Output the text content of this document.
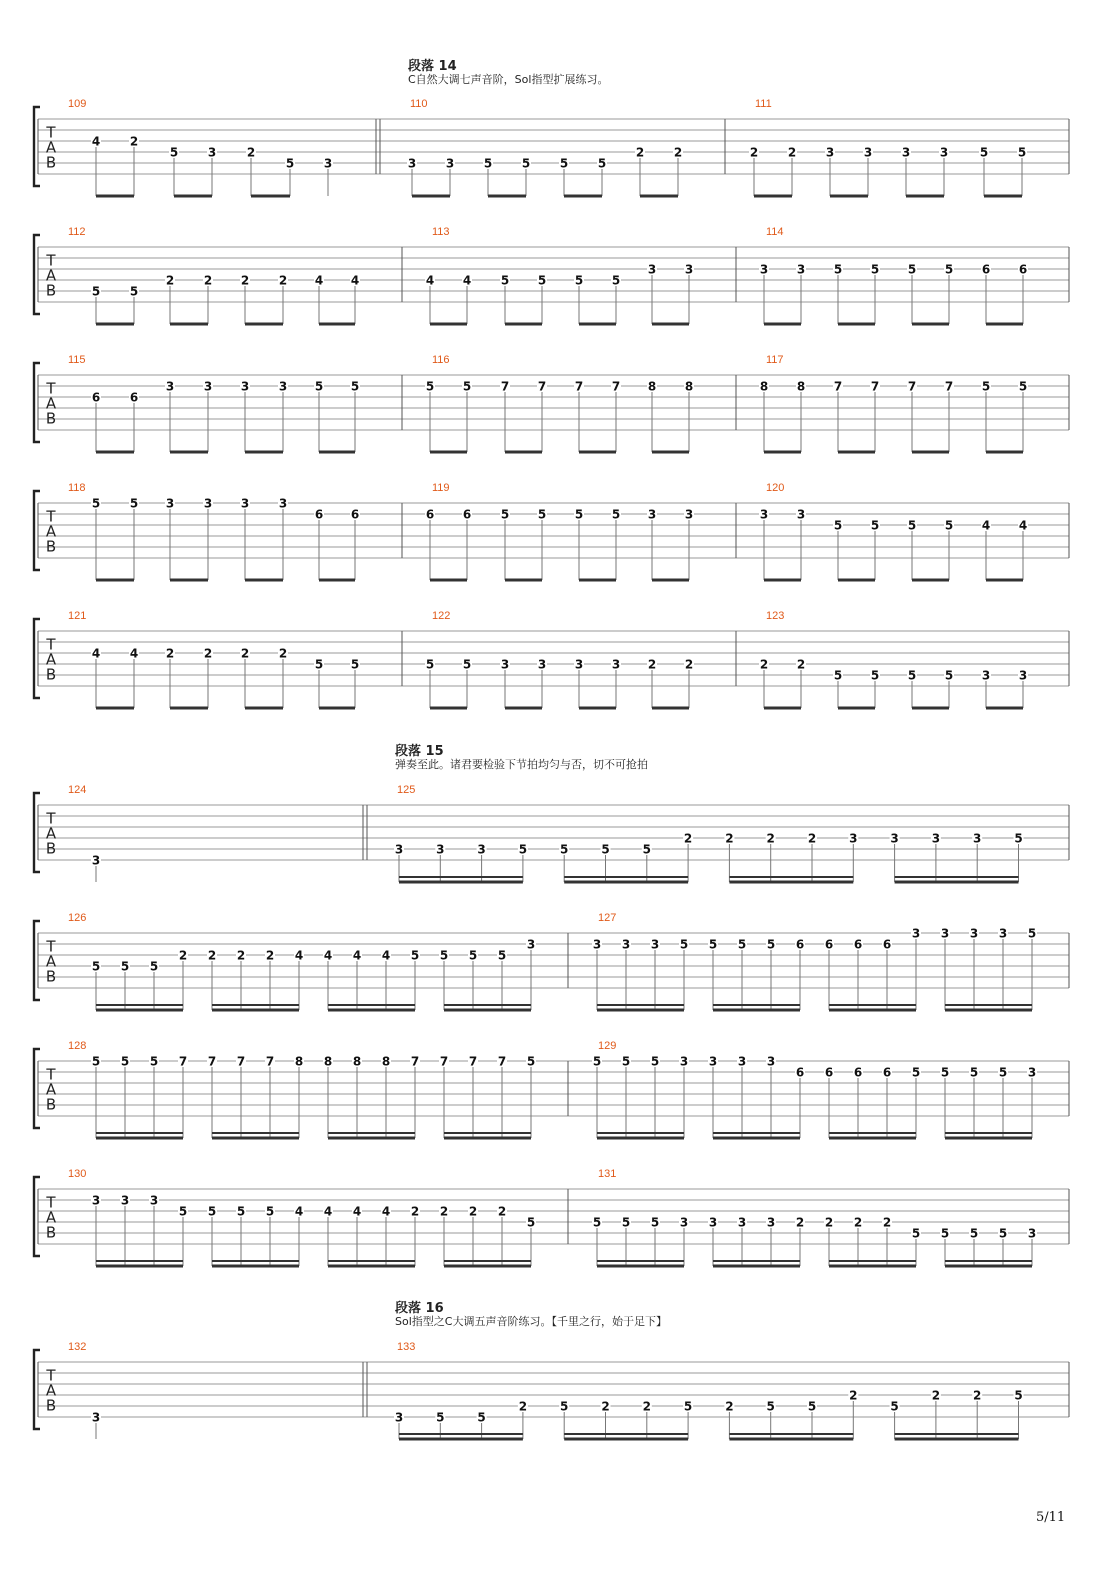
T
A
B
109
4 2
5 3	2
5 3
110
3 3 5 5 5 5
2 2
111
2 2 3 3 3 3	5 5
T
A
B
112
5 5
2 2 2 2 4 4
113
4 4 5 5 5 5
3 3
114
3 3 5 5 5 5 6 6
T
A
B
115
6 6
3 3 3 3 5 5
116
5 5 7 7 7 7 8 8
117
8 8 7 7 7 7 5 5
T
A
B
118
5 5 3 3 3 3
6 6
119
6 6 5 5 5 5 3 3
120
3 3
5 5 5 5 4 4
T
A
B
121
4 4 2 2 2 2
5 5
122
5 5 3 3 3 3 2 2
123
2 2
5 5 5 5 3 3
T
A
B
124
3
125
3	3	3	5	5	5	5
2	2	2	2	3	3	3	3	5
T
A
B
126
5 5 5
2 2 2 2 4 4 4 4 5 5 5 5
3
127
3 3 3 5 5 5 5 6 6 6 6
3 3 3 3 5
T
A
B
128
5 5 5 7 7 7 7 8 8 8 8 7 7 7 7 5
129
5 5 5 3 3 3 3
6 6 6 6 5 5 5 5 3
T
A
B
130
3 3 3
5 5 5 5 4 4 4 4 2 2 2 2
5
131
5 5 5 3 3 3 3 2 2 2 2
5 5 5 5 3
T
A
B
132
3
133
3	5	5
2	5	2	2	5	2	5	5
2
5
2	2	5
段落 14
C自然大调七声音阶，Sol指型扩展练习。
段落 15
弹奏至此。诸君要检验下节拍均匀与否，切不可抢拍
段落 16
Sol指型之C大调五声音阶练习。【千里之行，始于足下】
5/11
